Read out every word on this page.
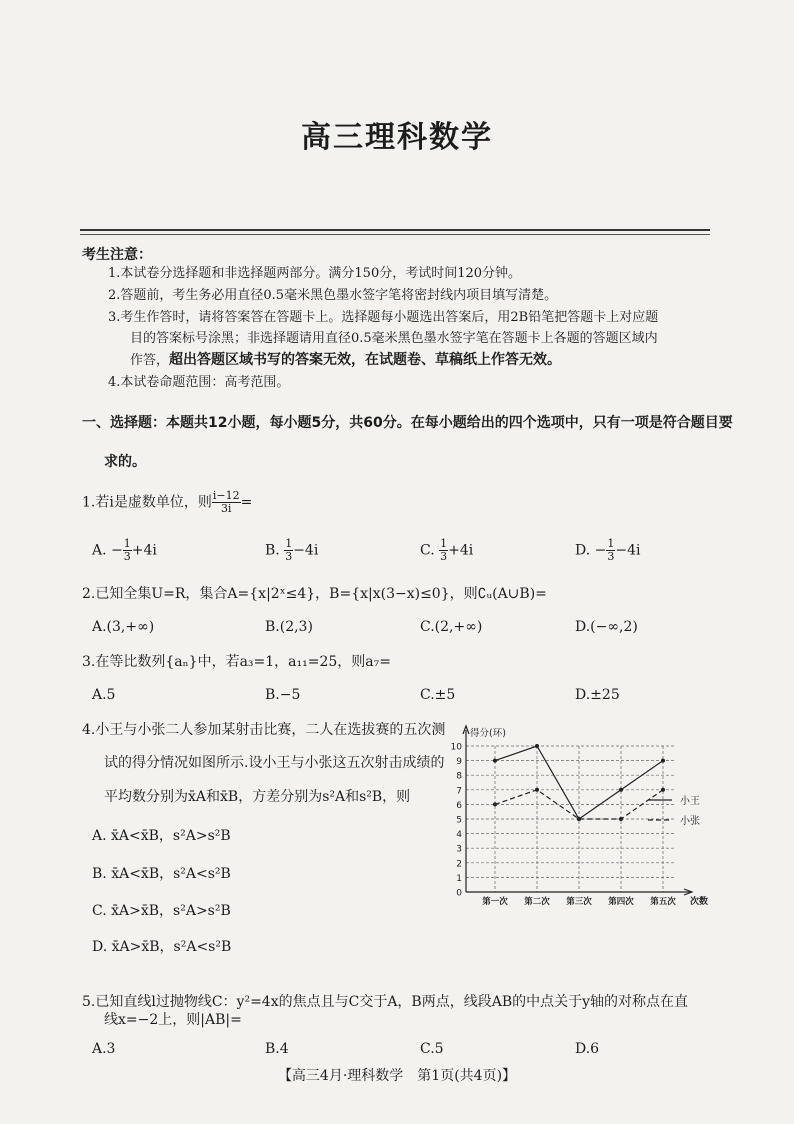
高三理科数学
考生注意：
1.本试卷分选择题和非选择题两部分。满分150分，考试时间120分钟。
2.答题前，考生务必用直径0.5毫米黑色墨水签字笔将密封线内项目填写清楚。
3.考生作答时，请将答案答在答题卡上。选择题每小题选出答案后，用2B铅笔把答题卡上对应题
目的答案标号涂黑；非选择题请用直径0.5毫米黑色墨水签字笔在答题卡上各题的答题区域内
作答，超出答题区域书写的答案无效，在试题卷、草稿纸上作答无效。
4.本试卷命题范围：高考范围。
一、选择题：本题共12小题，每小题5分，共60分。在每小题给出的四个选项中，只有一项是符合题目要
求的。
1.若i是虚数单位，则 $\frac{i-12}{3i}$ =
A. − $\frac{1}{3} +4i$	B. $\frac{1}{3} -4i$	C. $\frac{1}{3} +4i$	D. − $\frac{1}{3} -4i$
2.已知全集U=R，集合A={x|2ˣ≤4}，B={x|x(3−x)≤0}，则∁ᵤ(A∪B)=
A.(3,+∞)	B.(2,3)	C.(2,+∞)	D.(−∞,2)
3.在等比数列{aₙ}中，若a₃=1，a₁₁=25，则a₇=
A.5	B.−5	C.±5	D.±25
4.小王与小张二人参加某射击比赛，二人在选拔赛的五次测
试的得分情况如图所示.设小王与小张这五次射击成绩的
平均数分别为x̄A和x̄B，方差分别为s²A和s²B，则
A. x̄A<x̄B，s²A>s²B
B. x̄A<x̄B，s²A<s²B
C. x̄A>x̄B，s²A>s²B
D. x̄A>x̄B，s²A<s²B
0
1
2
3
4
5
6
7
8
9
10
得分(环)
第一次 第二次 第三次 第四次 第五次 次数
小王
小张
5.已知直线l过抛物线C：y²=4x的焦点且与C交于A，B两点，线段AB的中点关于y轴的对称点在直
线x=−2上，则|AB|=
A.3	B.4	C.5	D.6
【高三4月·理科数学　第1页(共4页)】
